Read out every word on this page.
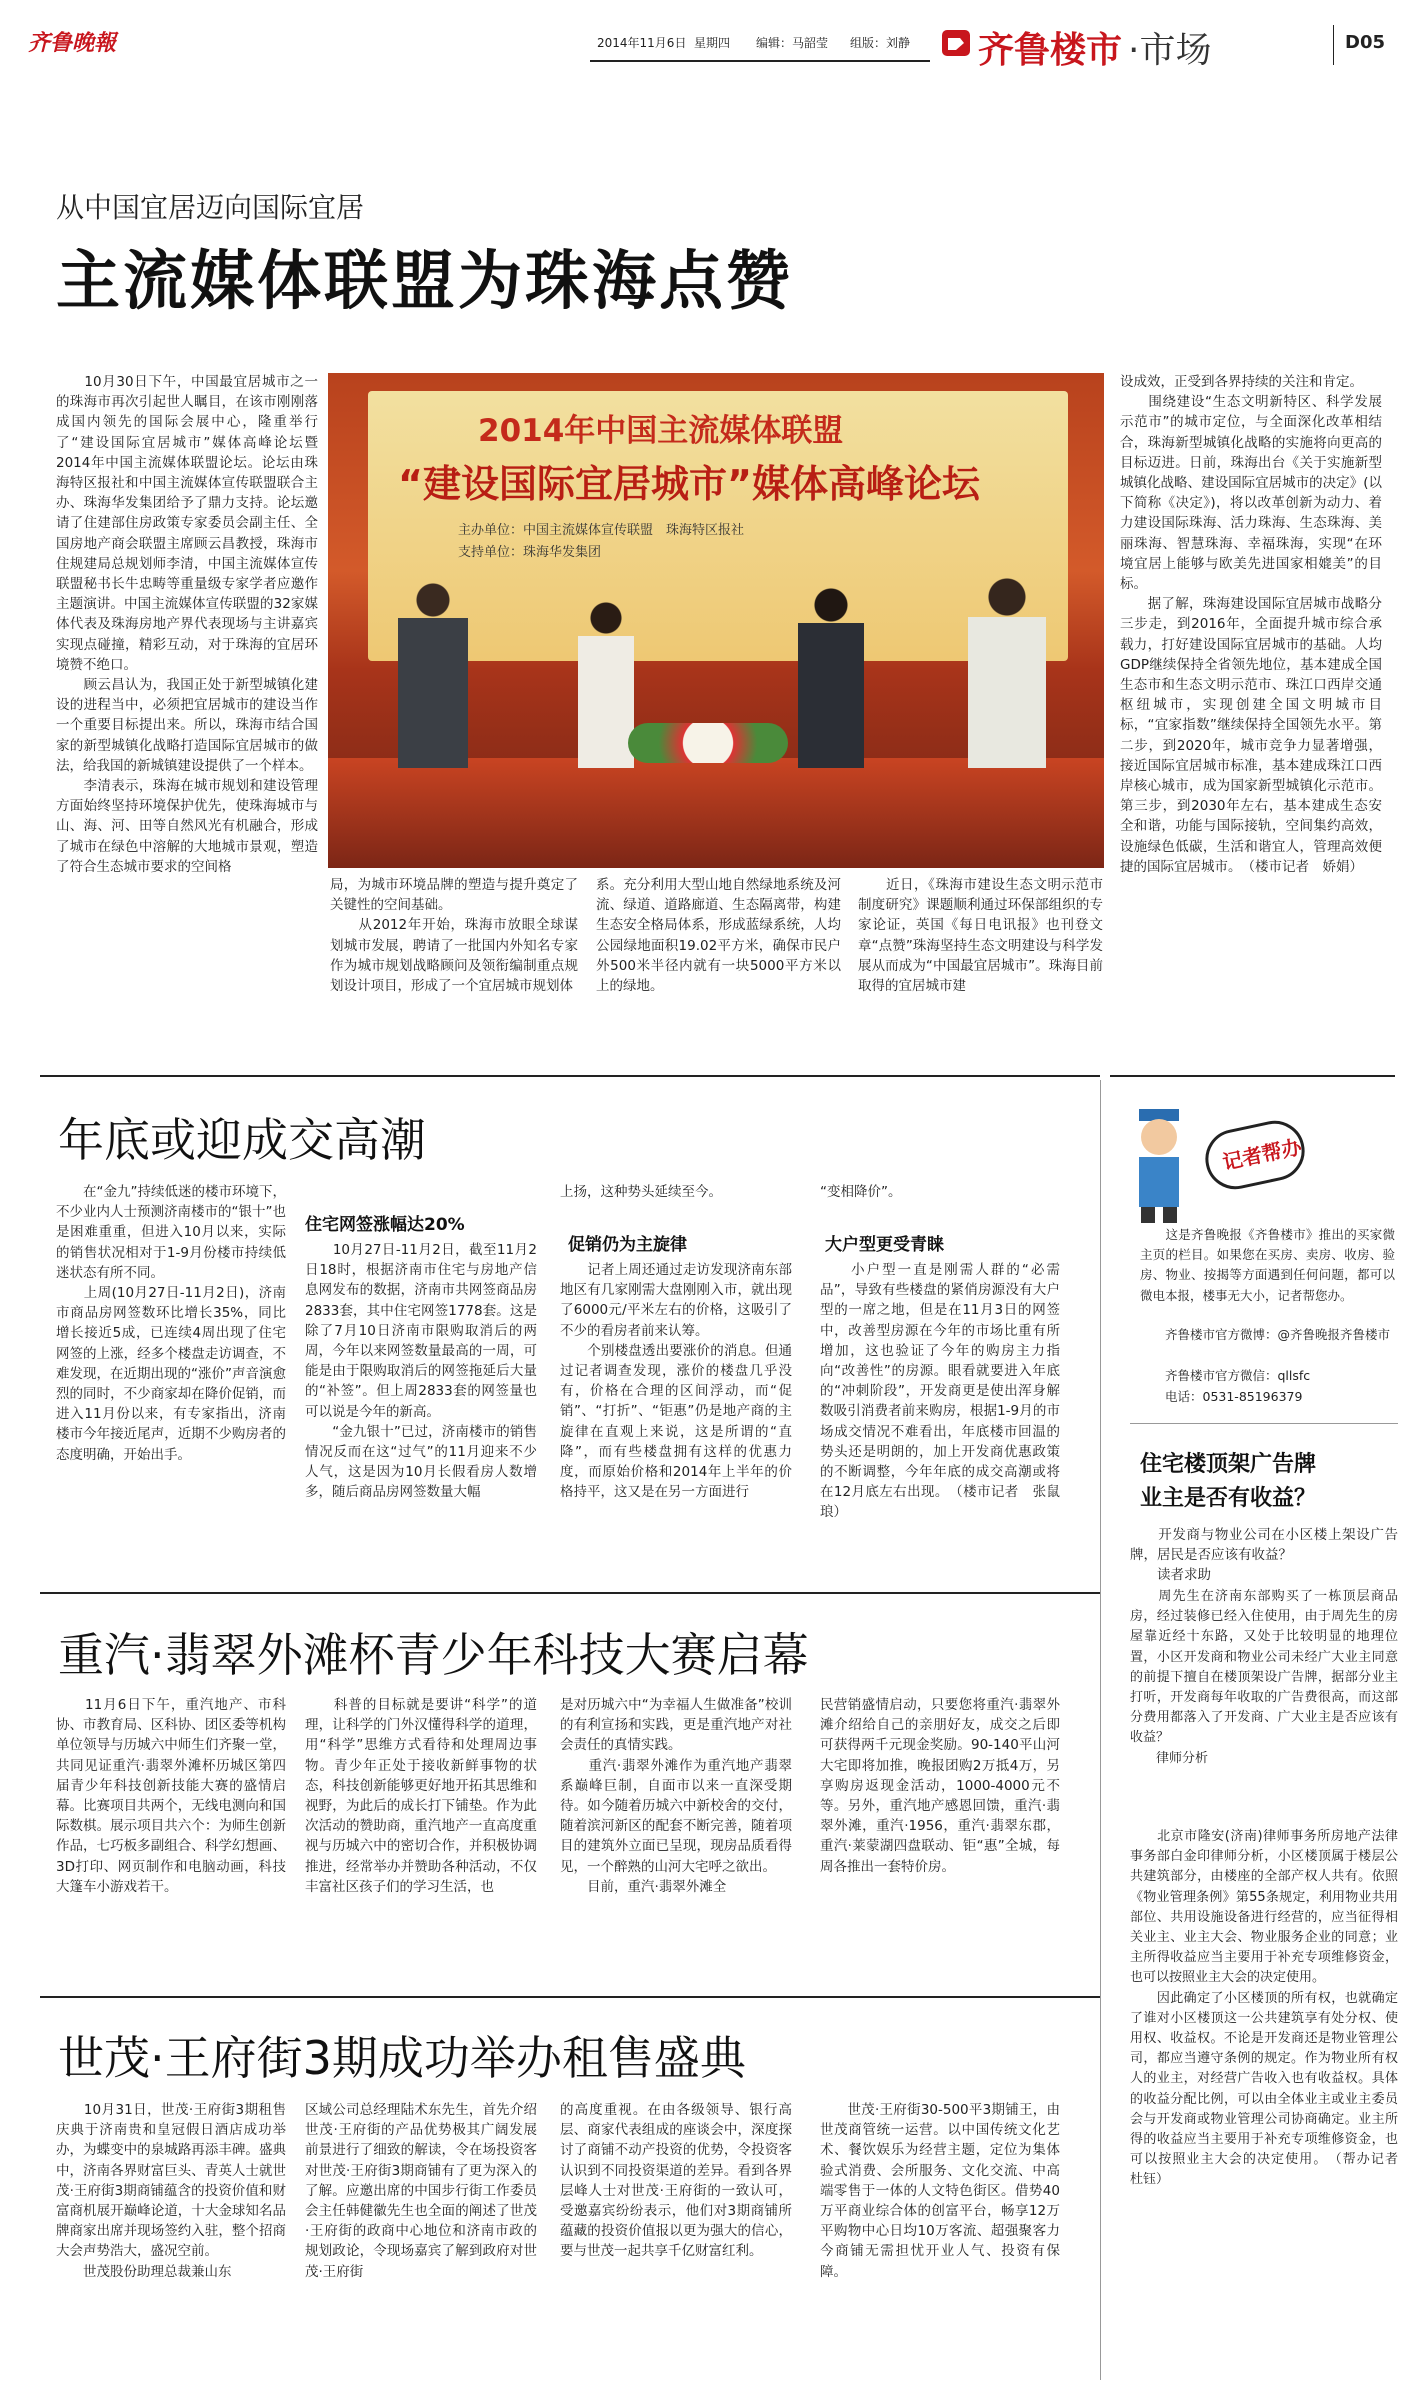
齐鲁晚報	2014年11月6日 星期四 编辑：马韶莹 组版：刘静 齐鲁楼市 ·市场	D05
从中国宜居迈向国际宜居
主流媒体联盟为珠海点赞
　　10月30日下午，中国最宜居城市之一的珠海市再次引起世人瞩目，在该市刚刚落成国内领先的国际会展中心，隆重举行了“建设国际宜居城市”媒体高峰论坛暨2014年中国主流媒体联盟论坛。论坛由珠海特区报社和中国主流媒体宣传联盟联合主办、珠海华发集团给予了鼎力支持。论坛邀请了住建部住房政策专家委员会副主任、全国房地产商会联盟主席顾云昌教授，珠海市住规建局总规划师李清，中国主流媒体宣传联盟秘书长牛忠畴等重量级专家学者应邀作主题演讲。中国主流媒体宣传联盟的32家媒体代表及珠海房地产界代表现场与主讲嘉宾实现点碰撞，精彩互动，对于珠海的宜居环境赞不绝口。
　　顾云昌认为，我国正处于新型城镇化建设的进程当中，必须把宜居城市的建设当作一个重要目标提出来。所以，珠海市结合国家的新型城镇化战略打造国际宜居城市的做法，给我国的新城镇建设提供了一个样本。
　　李清表示，珠海在城市规划和建设管理方面始终坚持环境保护优先，使珠海城市与山、海、河、田等自然风光有机融合，形成了城市在绿色中溶解的大地城市景观，塑造了符合生态城市要求的空间格
2014年中国主流媒体联盟
“建设国际宜居城市”媒体高峰论坛
主办单位：中国主流媒体宣传联盟　珠海特区报社
支持单位：珠海华发集团
局，为城市环境品牌的塑造与提升奠定了关键性的空间基础。
　　从2012年开始，珠海市放眼全球谋划城市发展，聘请了一批国内外知名专家作为城市规划战略顾问及领衔编制重点规划设计项目，形成了一个宜居城市规划体
系。充分利用大型山地自然绿地系统及河流、绿道、道路廊道、生态隔离带，构建生态安全格局体系，形成蓝绿系统，人均公园绿地面积19.02平方米，确保市民户外500米半径内就有一块5000平方米以上的绿地。
　　近日，《珠海市建设生态文明示范市制度研究》课题顺利通过环保部组织的专家论证，英国《每日电讯报》也刊登文章“点赞”珠海坚持生态文明建设与科学发展从而成为“中国最宜居城市”。珠海目前取得的宜居城市建
设成效，正受到各界持续的关注和肯定。
　　围绕建设“生态文明新特区、科学发展示范市”的城市定位，与全面深化改革相结合，珠海新型城镇化战略的实施将向更高的目标迈进。日前，珠海出台《关于实施新型城镇化战略、建设国际宜居城市的决定》(以下简称《决定》)，将以改革创新为动力、着力建设国际珠海、活力珠海、生态珠海、美丽珠海、智慧珠海、幸福珠海，实现“在环境宜居上能够与欧美先进国家相媲美”的目标。
　　据了解，珠海建设国际宜居城市战略分三步走，到2016年，全面提升城市综合承载力，打好建设国际宜居城市的基础。人均GDP继续保持全省领先地位，基本建成全国生态市和生态文明示范市、珠江口西岸交通枢纽城市，实现创建全国文明城市目标，“宜家指数”继续保持全国领先水平。第二步，到2020年，城市竞争力显著增强，接近国际宜居城市标准，基本建成珠江口西岸核心城市，成为国家新型城镇化示范市。第三步，到2030年左右，基本建成生态安全和谐，功能与国际接轨，空间集约高效，设施绿色低碳，生活和谐宜人，管理高效便捷的国际宜居城市。　（楼市记者　娇娟）
年底或迎成交高潮
　　在“金九”持续低迷的楼市环境下，不少业内人士预测济南楼市的“银十”也是困难重重，但进入10月以来，实际的销售状况相对于1-9月份楼市持续低迷状态有所不同。
　　上周(10月27日-11月2日)，济南市商品房网签数环比增长35%，同比增长接近5成，已连续4周出现了住宅网签的上涨，经多个楼盘走访调查，不难发现，在近期出现的“涨价”声音演愈烈的同时，不少商家却在降价促销，而进入11月份以来，有专家指出，济南楼市今年接近尾声，近期不少购房者的态度明确，开始出手。
住宅网签涨幅达20%
　　10月27日-11月2日，截至11月2日18时，根据济南市住宅与房地产信息网发布的数据，济南市共网签商品房2833套，其中住宅网签1778套。这是除了7月10日济南市限购取消后的两周，今年以来网签数量最高的一周，可能是由于限购取消后的网签拖延后大量的“补签”。但上周2833套的网签量也可以说是今年的新高。
　　“金九银十”已过，济南楼市的销售情况反而在这“过气”的11月迎来不少人气，这是因为10月长假看房人数增多，随后商品房网签数量大幅
上扬，这种势头延续至今。
促销仍为主旋律
　　记者上周还通过走访发现济南东部地区有几家刚需大盘刚刚入市，就出现了6000元/平米左右的价格，这吸引了不少的看房者前来认筹。
　　个别楼盘透出要涨价的消息。但通过记者调查发现，涨价的楼盘几乎没有，价格在合理的区间浮动，而“促销”、“打折”、“钜惠”仍是地产商的主旋律在直观上来说，这是所谓的“直降”，而有些楼盘拥有这样的优惠力度，而原始价格和2014年上半年的价格持平，这又是在另一方面进行
“变相降价”。
大户型更受青睐
　　小户型一直是刚需人群的“必需品”，导致有些楼盘的紧俏房源没有大户型的一席之地，但是在11月3日的网签中，改善型房源在今年的市场比重有所增加，这也验证了今年的购房主力指向“改善性”的房源。眼看就要进入年底的“冲刺阶段”，开发商更是使出浑身解数吸引消费者前来购房，根据1-9月的市场成交情况不难看出，年底楼市回温的势头还是明朗的，加上开发商优惠政策的不断调整，今年年底的成交高潮或将在12月底左右出现。　（楼市记者　张鼠琅）
重汽·翡翠外滩杯青少年科技大赛启幕
　　11月6日下午，重汽地产、市科协、市教育局、区科协、团区委等机构单位领导与历城六中师生们齐聚一堂，共同见证重汽·翡翠外滩杯历城区第四届青少年科技创新技能大赛的盛情启幕。比赛项目共两个，无线电测向和国际数棋。展示项目共六个：为师生创新作品，七巧板多副组合、科学幻想画、3D打印、网页制作和电脑动画，科技大篷车小游戏若干。
　　科普的目标就是要讲“科学”的道理，让科学的门外汉懂得科学的道理，用“科学”思维方式看待和处理周边事物。青少年正处于接收新鲜事物的状态，科技创新能够更好地开拓其思维和视野，为此后的成长打下铺垫。作为此次活动的赞助商，重汽地产一直高度重视与历城六中的密切合作，并积极协调推进，经常举办并赞助各种活动，不仅丰富社区孩子们的学习生活，也
是对历城六中“为幸福人生做准备”校训的有利宣扬和实践，更是重汽地产对社会责任的真情实践。
　　重汽·翡翠外滩作为重汽地产翡翠系巅峰巨制，自面市以来一直深受期待。如今随着历城六中新校舍的交付，随着滨河新区的配套不断完善，随着项目的建筑外立面已呈现，现房品质看得见，一个醉熟的山河大宅呼之欲出。
　　目前，重汽·翡翠外滩全
民营销盛情启动，只要您将重汽·翡翠外滩介绍给自己的亲朋好友，成交之后即可获得两千元现金奖励。90-140平山河大宅即将加推，晚报团购2万抵4万，另享购房返现金活动，1000-4000元不等。另外，重汽地产感恩回馈，重汽·翡翠外滩，重汽·1956，重汽·翡翠东郡，重汽·莱蒙湖四盘联动、钜“惠”全城，每周各推出一套特价房。
世茂·王府街3期成功举办租售盛典
　　10月31日，世茂·王府街3期租售庆典于济南贵和皇冠假日酒店成功举办，为蝶变中的泉城路再添丰碑。盛典中，济南各界财富巨头、青英人士就世茂·王府街3期商铺蕴含的投资价值和财富商机展开巅峰论道，十大金球知名品牌商家出席并现场签约入驻，整个招商大会声势浩大，盛况空前。
　　世茂股份助理总裁兼山东
区域公司总经理陆术东先生，首先介绍世茂·王府街的产品优势极其广阔发展前景进行了细致的解读，令在场投资客对世茂·王府街3期商铺有了更为深入的了解。应邀出席的中国步行街工作委员会主任韩健徽先生也全面的阐述了世茂·王府街的政商中心地位和济南市政的规划政论，令现场嘉宾了解到政府对世茂·王府街
的高度重视。在由各级领导、银行高层、商家代表组成的座谈会中，深度探讨了商铺不动产投资的优势，令投资客认识到不同投资渠道的差异。看到各界层峰人士对世茂·王府街的一致认可，受邀嘉宾纷纷表示，他们对3期商铺所蕴藏的投资价值报以更为强大的信心，要与世茂一起共享千亿财富红利。
　　世茂·王府街30-500平3期铺王，由世茂商管统一运营。以中国传统文化艺术、餐饮娱乐为经营主题，定位为集体验式消费、会所服务、文化交流、中高端零售于一体的人文特色街区。借势40万平商业综合体的创富平台，畅享12万平购物中心日均10万客流、超强聚客力今商铺无需担忧开业人气、投资有保障。
记者帮办
　　这是齐鲁晚报《齐鲁楼市》推出的买家微主页的栏目。如果您在买房、卖房、收房、验房、物业、按揭等方面遇到任何问题，都可以微电本报，楼事无大小，记者帮您办。
　　齐鲁楼市官方微博：@齐鲁晚报齐鲁楼市
　　齐鲁楼市官方微信：qllsfc
　　电话：0531-85196379
住宅楼顶架广告牌
业主是否有收益？
　　开发商与物业公司在小区楼上架设广告牌，居民是否应该有收益？
　　读者求助
　　周先生在济南东部购买了一栋顶层商品房，经过装修已经入住使用，由于周先生的房屋靠近经十东路，又处于比较明显的地理位置，小区开发商和物业公司未经广大业主同意的前提下擅自在楼顶架设广告牌，据部分业主打听，开发商每年收取的广告费很高，而这部分费用都落入了开发商、广大业主是否应该有收益？
　　律师分析
　　北京市隆安(济南)律师事务所房地产法律事务部白金印律师分析，小区楼顶属于楼层公共建筑部分，由楼座的全部产权人共有。依照《物业管理条例》第55条规定，利用物业共用部位、共用设施设备进行经营的，应当征得相关业主、业主大会、物业服务企业的同意；业主所得收益应当主要用于补充专项维修资金，也可以按照业主大会的决定使用。
　　因此确定了小区楼顶的所有权，也就确定了谁对小区楼顶这一公共建筑享有处分权、使用权、收益权。不论是开发商还是物业管理公司，都应当遵守条例的规定。作为物业所有权人的业主，对经营广告收入也有收益权。具体的收益分配比例，可以由全体业主或业主委员会与开发商或物业管理公司协商确定。业主所得的收益应当主要用于补充专项维修资金，也可以按照业主大会的决定使用。　（帮办记者　杜钰）
